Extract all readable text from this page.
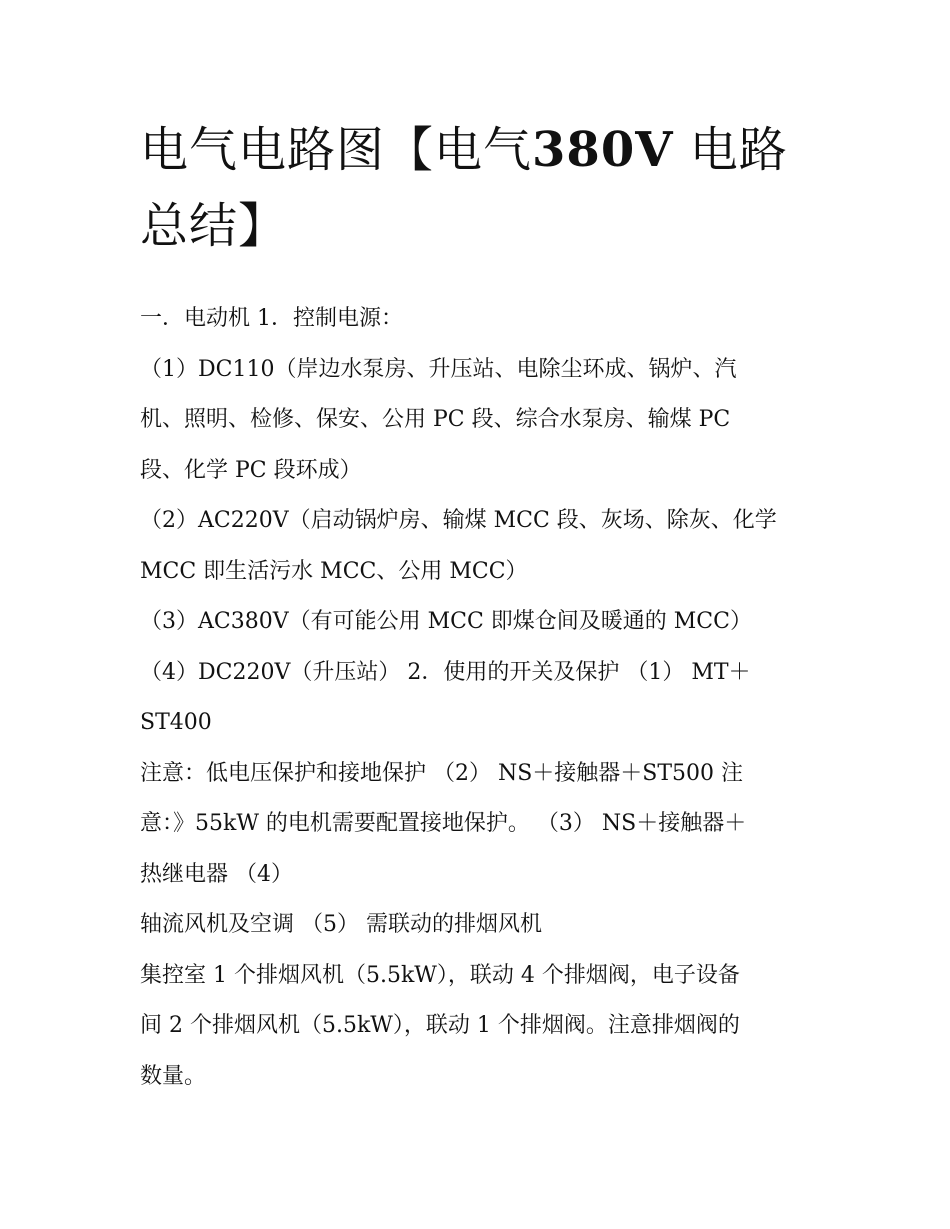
电气电路图【电气380V 电路
总结】
一．电动机 1．控制电源：
（1）DC110（岸边水泵房、升压站、电除尘环成、锅炉、汽
机、照明、检修、保安、公用 PC 段、综合水泵房、输煤 PC
段、化学 PC 段环成）
（2）AC220V（启动锅炉房、输煤 MCC 段、灰场、除灰、化学
MCC 即生活污水 MCC、公用 MCC）
（3）AC380V（有可能公用 MCC 即煤仓间及暖通的 MCC）
（4）DC220V（升压站） 2．使用的开关及保护 （1） MT＋
ST400
注意：低电压保护和接地保护 （2） NS＋接触器＋ST500 注
意：》55kW 的电机需要配置接地保护。 （3） NS＋接触器＋
热继电器 （4）
轴流风机及空调 （5） 需联动的排烟风机
集控室 1 个排烟风机（5.5kW），联动 4 个排烟阀，电子设备
间 2 个排烟风机（5.5kW），联动 1 个排烟阀。注意排烟阀的
数量。
